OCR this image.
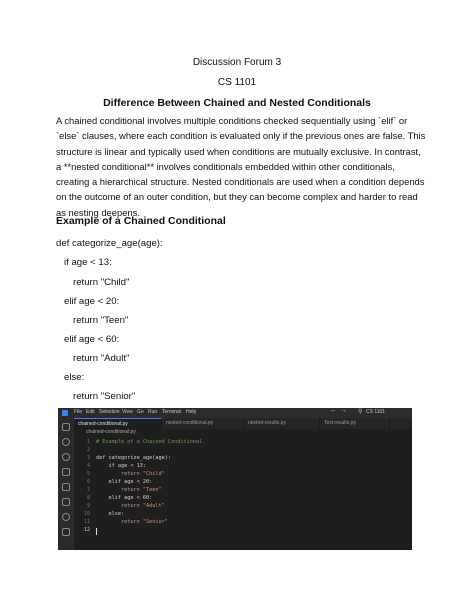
Discussion Forum 3
CS 1101
Difference Between Chained and Nested Conditionals
A chained conditional involves multiple conditions checked sequentially using `elif` or `else` clauses, where each condition is evaluated only if the previous ones are false. This structure is linear and typically used when conditions are mutually exclusive. In contrast, a **nested conditional** involves conditionals embedded within other conditionals, creating a hierarchical structure. Nested conditionals are used when a condition depends on the outcome of an outer condition, but they can become complex and harder to read as nesting deepens.
Example of a Chained Conditional
def categorize_age(age):
if age < 13:
return "Child"
elif age < 20:
return "Teen"
elif age < 60:
return "Adult"
else:
return "Senior"
File Edit Selection View Go Run Terminal Help	← → ⚲ CS 1101
chained-conditional.py	nested-conditional.py	nested-results.py	Test.results.py
chained-conditional.py
1
2
3
4
5
6
7
8
9
10
11
12
# Example of a Chained Conditional
def categorize_age(age):
if age < 13:
return "Child"
elif age < 20:
return "Teen"
elif age < 60:
return "Adult"
else:
return "Senior"
